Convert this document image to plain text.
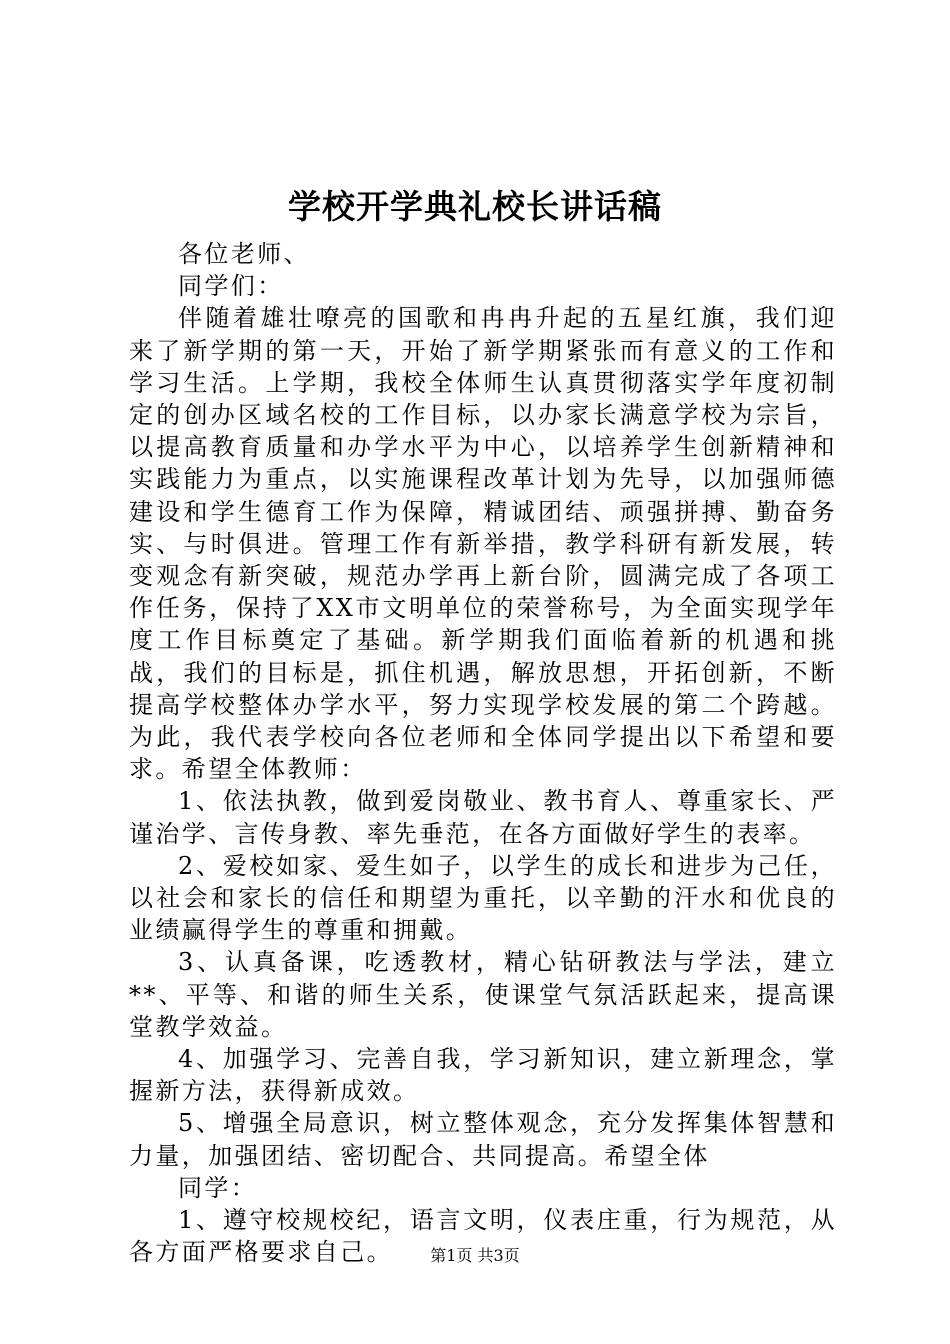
学校开学典礼校长讲话稿

各位老师、

同学们：

伴随着雄壮嘹亮的国歌和冉冉升起的五星红旗，我们迎来了新学期的第一天，开始了新学期紧张而有意义的工作和学习生活。上学期，我校全体师生认真贯彻落实学年度初制定的创办区域名校的工作目标，以办家长满意学校为宗旨，以提高教育质量和办学水平为中心，以培养学生创新精神和实践能力为重点，以实施课程改革计划为先导，以加强师德建设和学生德育工作为保障，精诚团结、顽强拼搏、勤奋务实、与时俱进。管理工作有新举措，教学科研有新发展，转变观念有新突破，规范办学再上新台阶，圆满完成了各项工作任务，保持了XX市文明单位的荣誉称号，为全面实现学年度工作目标奠定了基础。新学期我们面临着新的机遇和挑战，我们的目标是，抓住机遇，解放思想，开拓创新，不断提高学校整体办学水平，努力实现学校发展的第二个跨越。为此，我代表学校向各位老师和全体同学提出以下希望和要求。希望全体教师：

1、依法执教，做到爱岗敬业、教书育人、尊重家长、严谨治学、言传身教、率先垂范，在各方面做好学生的表率。

2、爱校如家、爱生如子，以学生的成长和进步为己任，以社会和家长的信任和期望为重托，以辛勤的汗水和优良的业绩赢得学生的尊重和拥戴。

3、认真备课，吃透教材，精心钻研教法与学法，建立**、平等、和谐的师生关系，使课堂气氛活跃起来，提高课堂教学效益。

4、加强学习、完善自我，学习新知识，建立新理念，掌握新方法，获得新成效。

5、增强全局意识，树立整体观念，充分发挥集体智慧和力量，加强团结、密切配合、共同提高。希望全体

同学：

1、遵守校规校纪，语言文明，仪表庄重，行为规范，从各方面严格要求自己。	第1页 共3页
